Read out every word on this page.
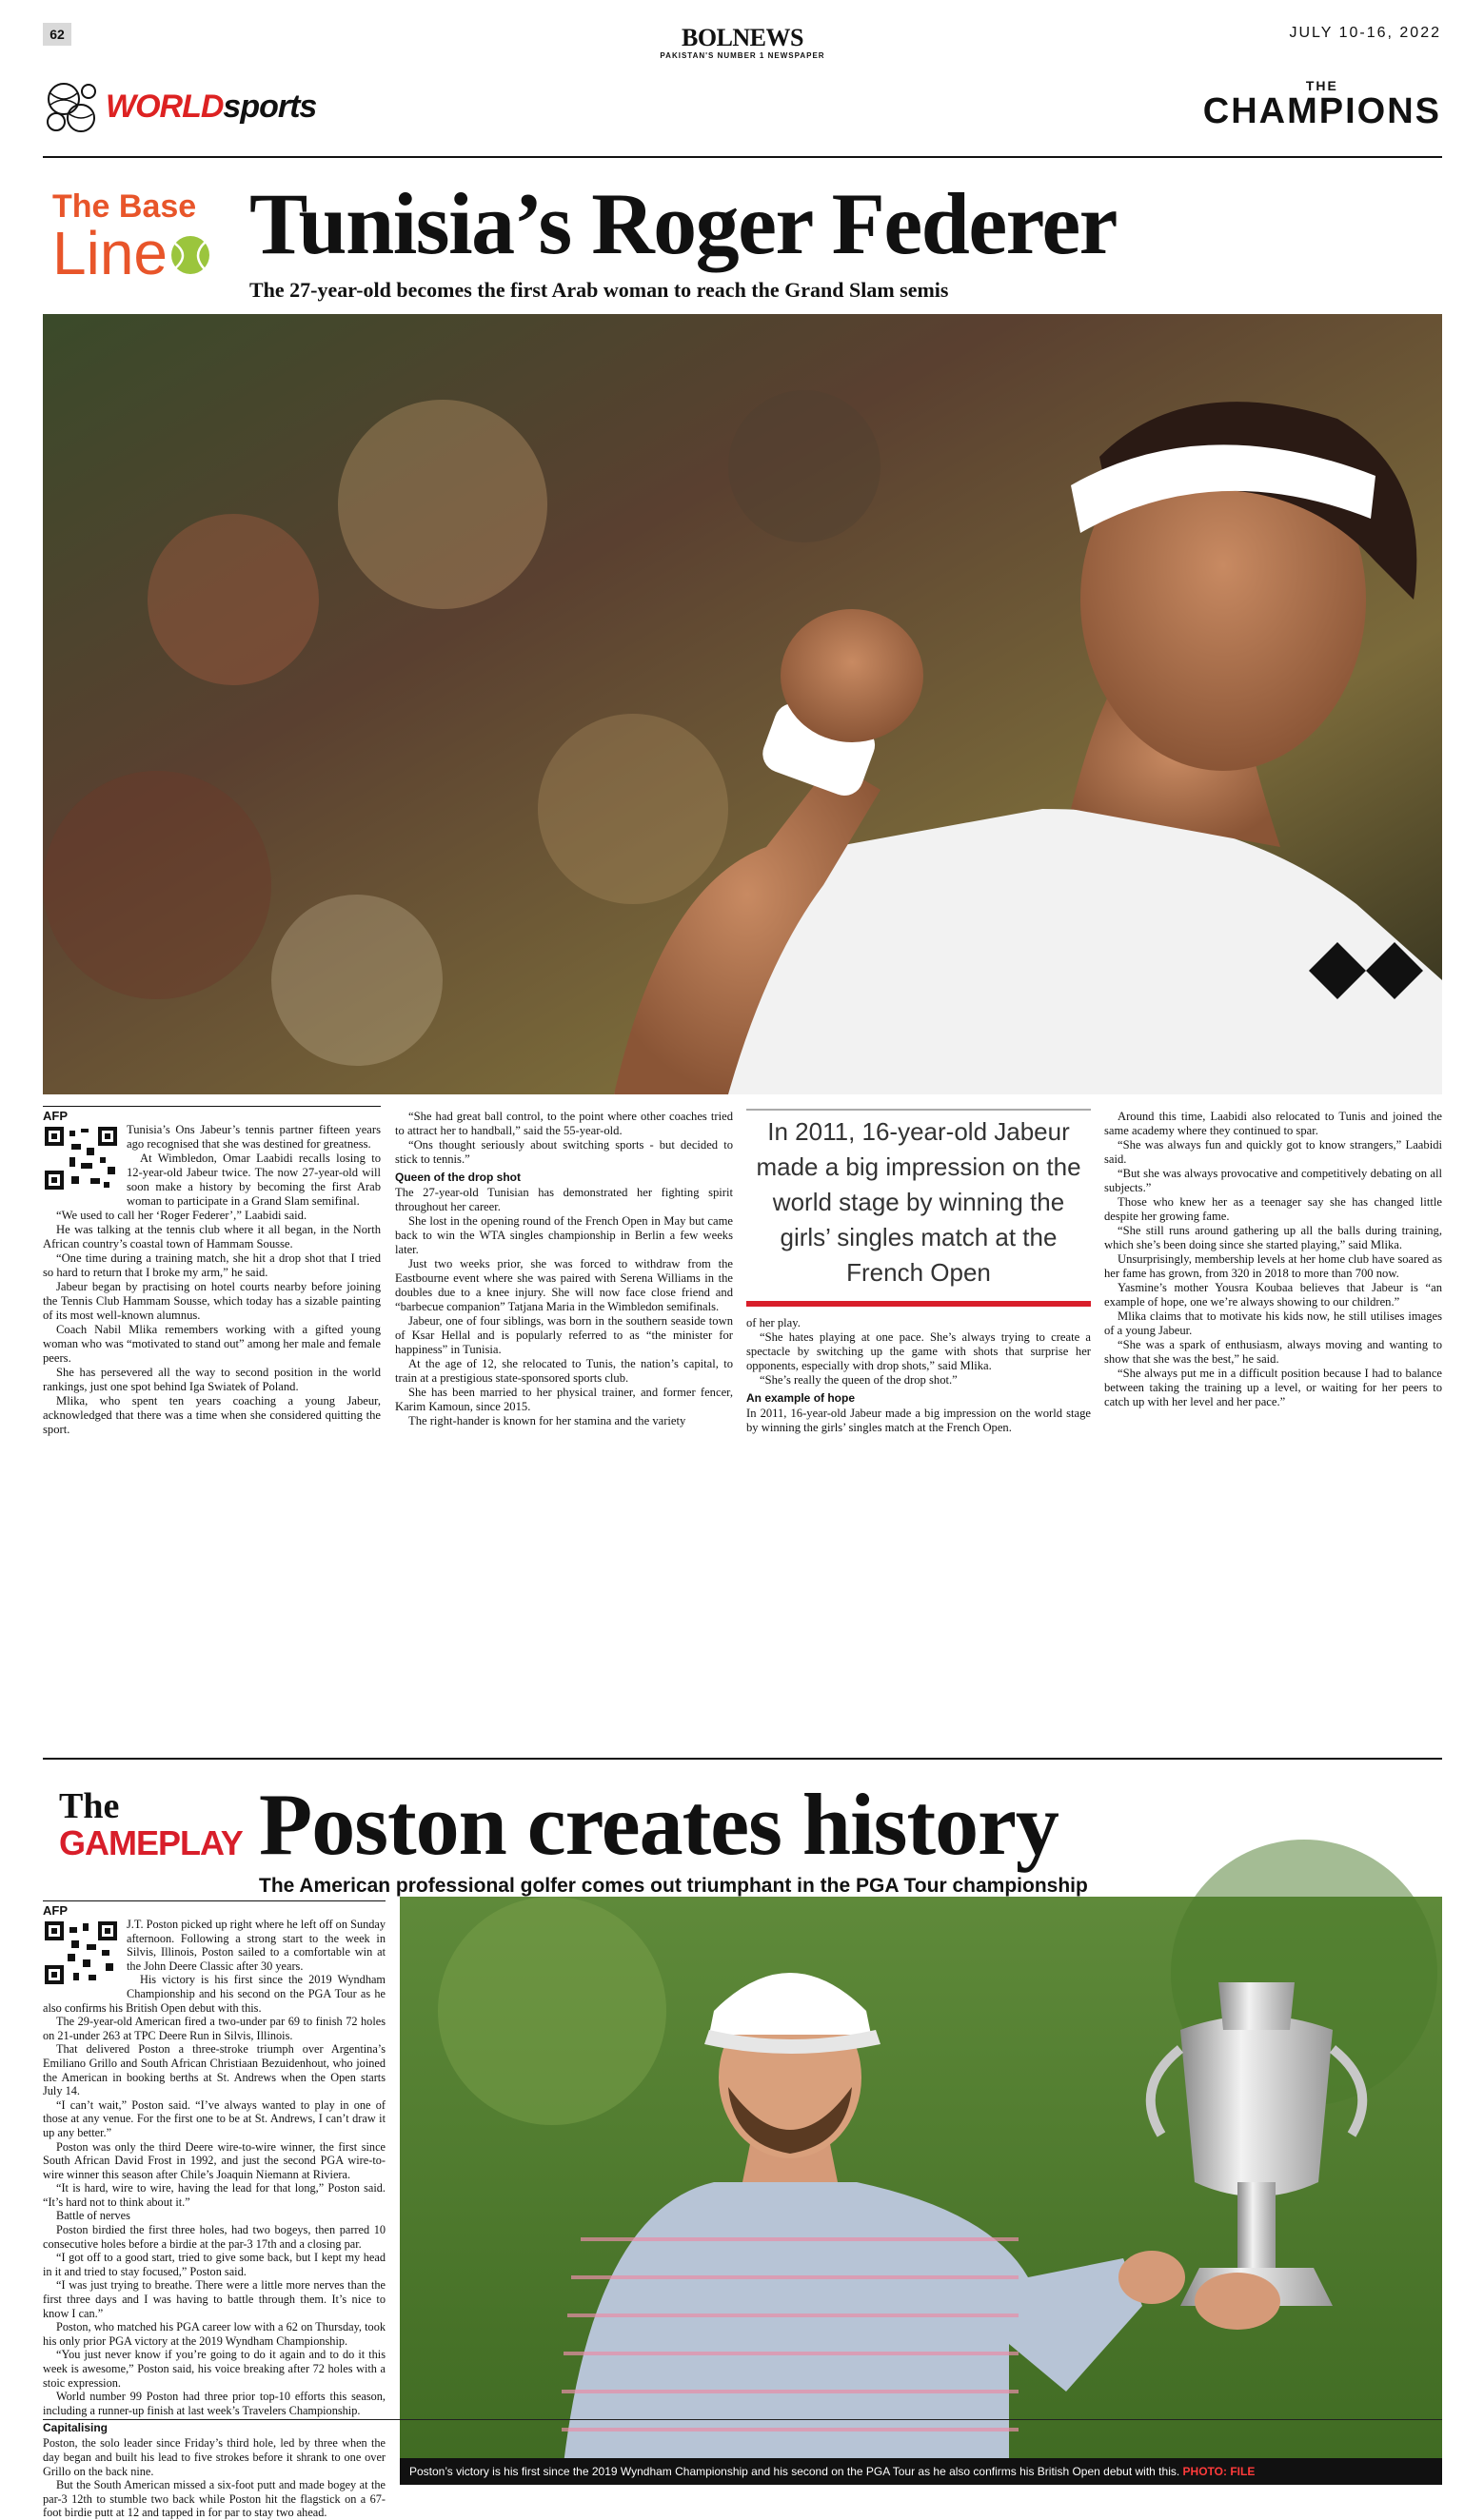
62	BOLNEWS
PAKISTAN'S NUMBER 1 NEWSPAPER
JULY 10-16, 2022
WORLDsports
THE
CHAMPIONS
The Base
Line Tunisia’s Roger Federer
The 27-year-old becomes the first Arab woman to reach the Grand Slam semis
AFP

Tunisia’s Ons Jabeur’s tennis partner fifteen years ago recognised that she was destined for greatness.

At Wimbledon, Omar Laabidi recalls losing to 12-year-old Jabeur twice. The now 27-year-old will soon make a history by becoming the first Arab woman to participate in a Grand Slam semifinal.

“We used to call her ‘Roger Federer’,” Laabidi said.

He was talking at the tennis club where it all began, in the North African country’s coastal town of Hammam Sousse.

“One time during a training match, she hit a drop shot that I tried so hard to return that I broke my arm,” he said.

Jabeur began by practising on hotel courts nearby before joining the Tennis Club Hammam Sousse, which today has a sizable painting of its most well-known alumnus.

Coach Nabil Mlika remembers working with a gifted young woman who was “motivated to stand out” among her male and female peers.

She has persevered all the way to second position in the world rankings, just one spot behind Iga Swiatek of Poland.

Mlika, who spent ten years coaching a young Jabeur, acknowledged that there was a time when she considered quitting the sport.

“She had great ball control, to the point where other coaches tried to attract her to handball,” said the 55-year-old.

“Ons thought seriously about switching sports - but decided to stick to tennis.”

Queen of the drop shot

The 27-year-old Tunisian has demonstrated her fighting spirit throughout her career.

She lost in the opening round of the French Open in May but came back to win the WTA singles championship in Berlin a few weeks later.

Just two weeks prior, she was forced to withdraw from the Eastbourne event where she was paired with Serena Williams in the doubles due to a knee injury. She will now face close friend and “barbecue companion” Tatjana Maria in the Wimbledon semifinals.

Jabeur, one of four siblings, was born in the southern seaside town of Ksar Hellal and is popularly referred to as “the minister for happiness” in Tunisia.

At the age of 12, she relocated to Tunis, the nation’s capital, to train at a prestigious state-sponsored sports club.

She has been married to her physical trainer, and former fencer, Karim Kamoun, since 2015.

The right-hander is known for her stamina and the variety

In 2011, 16-year-old Jabeur made a big impression on the world stage by winning the girls’ singles match at the French Open

of her play.

“She hates playing at one pace. She’s always trying to create a spectacle by switching up the game with shots that surprise her opponents, especially with drop shots,” said Mlika.

“She’s really the queen of the drop shot.”

An example of hope

In 2011, 16-year-old Jabeur made a big impression on the world stage by winning the girls’ singles match at the French Open.

Around this time, Laabidi also relocated to Tunis and joined the same academy where they continued to spar.

“She was always fun and quickly got to know strangers,” Laabidi said.

“But she was always provocative and competitively debating on all subjects.”

Those who knew her as a teenager say she has changed little despite her growing fame.

“She still runs around gathering up all the balls during training, which she’s been doing since she started playing,” said Mlika.

Unsurprisingly, membership levels at her home club have soared as her fame has grown, from 320 in 2018 to more than 700 now.

Yasmine’s mother Yousra Koubaa believes that Jabeur is “an example of hope, one we’re always showing to our children.”

Mlika claims that to motivate his kids now, he still utilises images of a young Jabeur.

“She was a spark of enthusiasm, always moving and wanting to show that she was the best,” he said.

“She always put me in a difficult position because I had to balance between taking the training up a level, or waiting for her peers to catch up with her level and her pace.”

The
GAMEPLAY Poston creates history
The American professional golfer comes out triumphant in the PGA Tour championship
AFP

J.T. Poston picked up right where he left off on Sunday afternoon. Following a strong start to the week in Silvis, Illinois, Poston sailed to a comfortable win at the John Deere Classic after 30 years.

His victory is his first since the 2019 Wyndham Championship and his second on the PGA Tour as he also confirms his British Open debut with this.

The 29-year-old American fired a two-under par 69 to finish 72 holes on 21-under 263 at TPC Deere Run in Silvis, Illinois.

That delivered Poston a three-stroke triumph over Argentina’s Emiliano Grillo and South African Christiaan Bezuidenhout, who joined the American in booking berths at St. Andrews when the Open starts July 14.

“I can’t wait,” Poston said. “I’ve always wanted to play in one of those at any venue. For the first one to be at St. Andrews, I can’t draw it up any better.”

Poston was only the third Deere wire-to-wire winner, the first since South African David Frost in 1992, and just the second PGA wire-to-wire winner this season after Chile’s Joaquin Niemann at Riviera.

“It is hard, wire to wire, having the lead for that long,” Poston said. “It’s hard not to think about it.”

Battle of nerves

Poston birdied the first three holes, had two bogeys, then parred 10 consecutive holes before a birdie at the par-3 17th and a closing par.

“I got off to a good start, tried to give some back, but I kept my head in it and tried to stay focused,” Poston said.

“I was just trying to breathe. There were a little more nerves than the first three days and I was having to battle through them. It’s nice to know I can.”

Poston, who matched his PGA career low with a 62 on Thursday, took his only prior PGA victory at the 2019 Wyndham Championship.

“You just never know if you’re going to do it again and to do it this week is awesome,” Poston said, his voice breaking after 72 holes with a stoic expression.

World number 99 Poston had three prior top-10 efforts this season, including a runner-up finish at last week’s Travelers Championship.

Capitalising

Poston, the solo leader since Friday’s third hole, led by three when the day began and built his lead to five strokes before it shrank to one over Grillo on the back nine.

But the South American missed a six-foot putt and made bogey at the par-3 12th to stumble two back while Poston hit the flagstick on a 67-foot birdie putt at 12 and tapped in for par to stay two ahead.

Poston’s victory is his first since the 2019 Wyndham Championship and his second on the PGA Tour as he also confirms his British Open debut with this. PHOTO: FILE
